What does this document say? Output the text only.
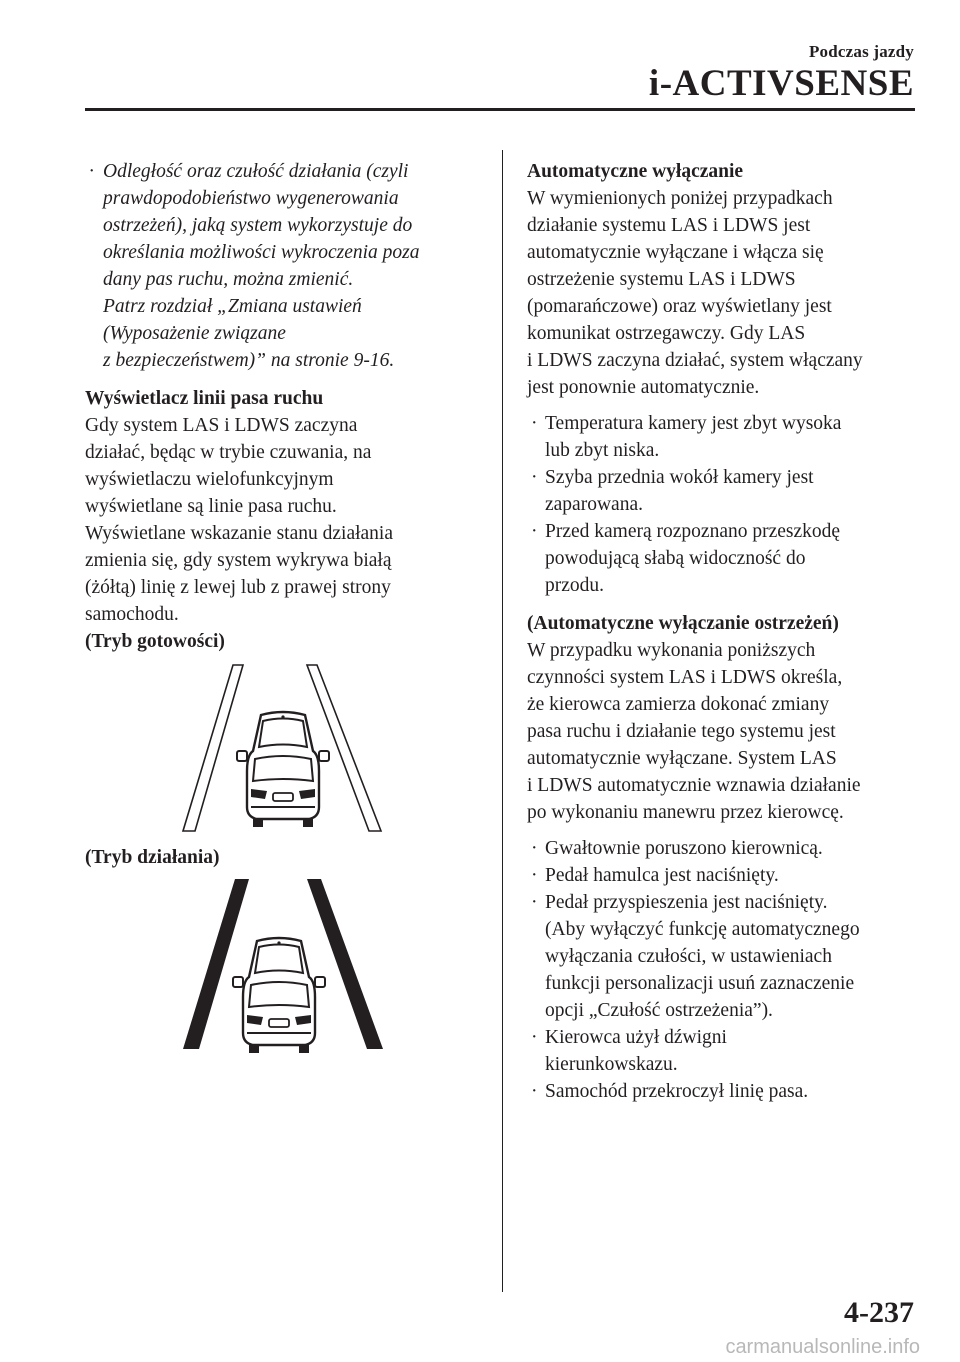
Podczas jazdy
i-ACTIVSENSE
· Odległość oraz czułość działania (czyli
prawdopodobieństwo wygenerowania
ostrzeżeń), jaką system wykorzystuje do
określania możliwości wykroczenia poza
dany pas ruchu, można zmienić.
Patrz rozdział „Zmiana ustawień
(Wyposażenie związane
z bezpieczeństwem)” na stronie 9-16.
Wyświetlacz linii pasa ruchu
Gdy system LAS i LDWS zaczyna
działać, będąc w trybie czuwania, na
wyświetlaczu wielofunkcyjnym
wyświetlane są linie pasa ruchu.
Wyświetlane wskazanie stanu działania
zmienia się, gdy system wykrywa białą
(żółtą) linię z lewej lub z prawej strony
samochodu.
(Tryb gotowości)
(Tryb działania)
Automatyczne wyłączanie
W wymienionych poniżej przypadkach
działanie systemu LAS i LDWS jest
automatycznie wyłączane i włącza się
ostrzeżenie systemu LAS i LDWS
(pomarańczowe) oraz wyświetlany jest
komunikat ostrzegawczy. Gdy LAS
i LDWS zaczyna działać, system włączany
jest ponownie automatycznie.
· Temperatura kamery jest zbyt wysoka
lub zbyt niska.
· Szyba przednia wokół kamery jest
zaparowana.
· Przed kamerą rozpoznano przeszkodę
powodującą słabą widoczność do
przodu.
(Automatyczne wyłączanie ostrzeżeń)
W przypadku wykonania poniższych
czynności system LAS i LDWS określa,
że kierowca zamierza dokonać zmiany
pasa ruchu i działanie tego systemu jest
automatycznie wyłączane. System LAS
i LDWS automatycznie wznawia działanie
po wykonaniu manewru przez kierowcę.
· Gwałtownie poruszono kierownicą.
· Pedał hamulca jest naciśnięty.
· Pedał przyspieszenia jest naciśnięty.
(Aby wyłączyć funkcję automatycznego
wyłączania czułości, w ustawieniach
funkcji personalizacji usuń zaznaczenie
opcji „Czułość ostrzeżenia”).
· Kierowca użył dźwigni
kierunkowskazu.
· Samochód przekroczył linię pasa.
4-237
carmanualsonline.info
